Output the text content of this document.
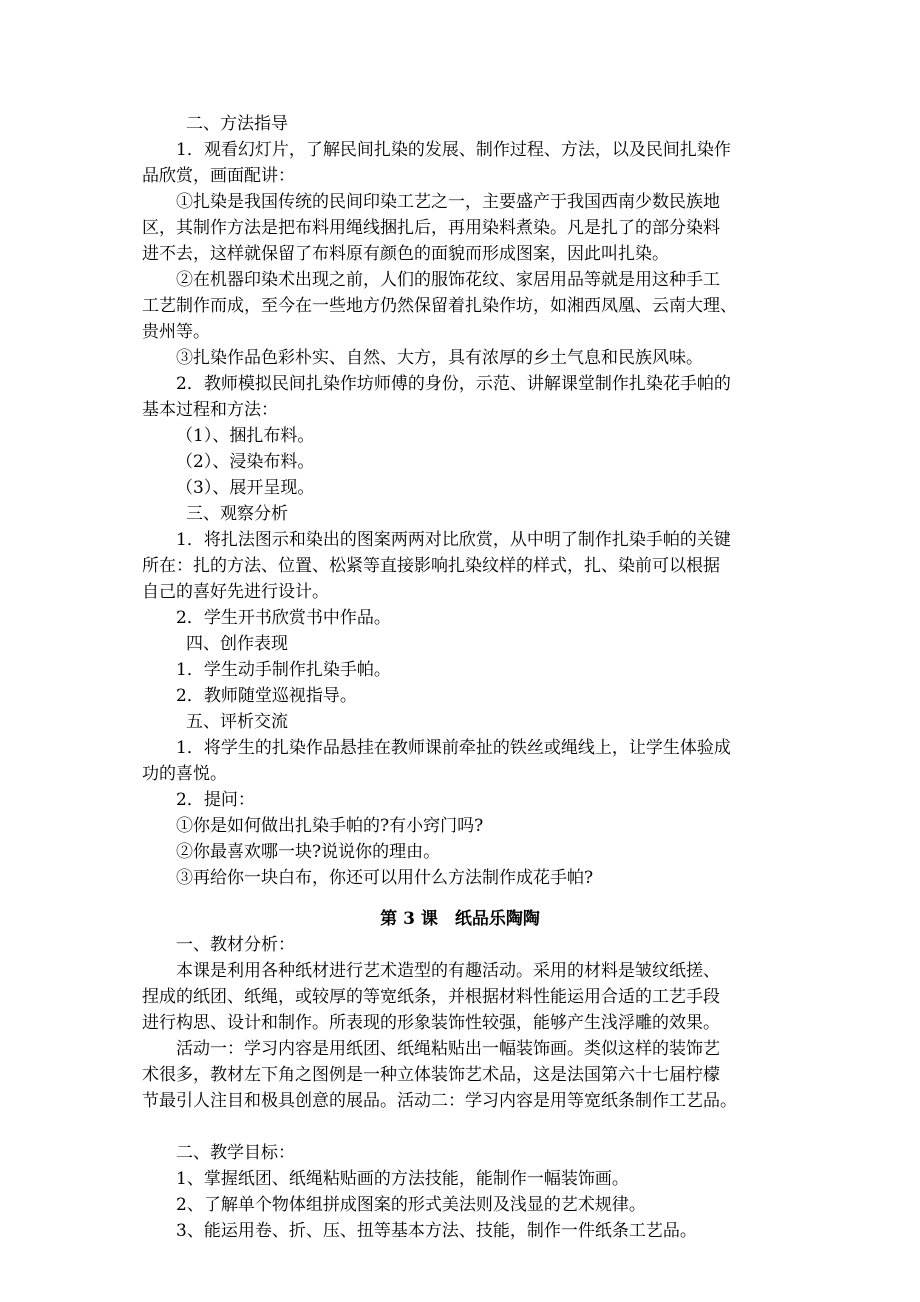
二、方法指导
1．观看幻灯片，了解民间扎染的发展、制作过程、方法，以及民间扎染作
品欣赏，画面配讲：
①扎染是我国传统的民间印染工艺之一，主要盛产于我国西南少数民族地
区，其制作方法是把布料用绳线捆扎后，再用染料煮染。凡是扎了的部分染料
进不去，这样就保留了布料原有颜色的面貌而形成图案，因此叫扎染。
②在机器印染术出现之前，人们的服饰花纹、家居用品等就是用这种手工
工艺制作而成，至今在一些地方仍然保留着扎染作坊，如湘西凤凰、云南大理、
贵州等。
③扎染作品色彩朴实、自然、大方，具有浓厚的乡土气息和民族风味。
2．教师模拟民间扎染作坊师傅的身份，示范、讲解课堂制作扎染花手帕的
基本过程和方法：
（1）、捆扎布料。
（2）、浸染布料。
（3）、展开呈现。
三、观察分析
1．将扎法图示和染出的图案两两对比欣赏，从中明了制作扎染手帕的关键
所在：扎的方法、位置、松紧等直接影响扎染纹样的样式，扎、染前可以根据
自己的喜好先进行设计。
2．学生开书欣赏书中作品。
四、创作表现
1．学生动手制作扎染手帕。
2．教师随堂巡视指导。
五、评析交流
1．将学生的扎染作品悬挂在教师课前牵扯的铁丝或绳线上，让学生体验成
功的喜悦。
2．提问：
①你是如何做出扎染手帕的?有小窍门吗?
②你最喜欢哪一块?说说你的理由。
③再给你一块白布，你还可以用什么方法制作成花手帕?
第 3 课　纸品乐陶陶
一、教材分析：
本课是利用各种纸材进行艺术造型的有趣活动。采用的材料是皱纹纸搓、
捏成的纸团、纸绳，或较厚的等宽纸条，并根据材料性能运用合适的工艺手段
进行构思、设计和制作。所表现的形象装饰性较强，能够产生浅浮雕的效果。
活动一：学习内容是用纸团、纸绳粘贴出一幅装饰画。类似这样的装饰艺
术很多，教材左下角之图例是一种立体装饰艺术品，这是法国第六十七届柠檬
节最引人注目和极具创意的展品。活动二：学习内容是用等宽纸条制作工艺品。
二、教学目标：
1、掌握纸团、纸绳粘贴画的方法技能，能制作一幅装饰画。
2、了解单个物体组拼成图案的形式美法则及浅显的艺术规律。
3、能运用卷、折、压、扭等基本方法、技能，制作一件纸条工艺品。
